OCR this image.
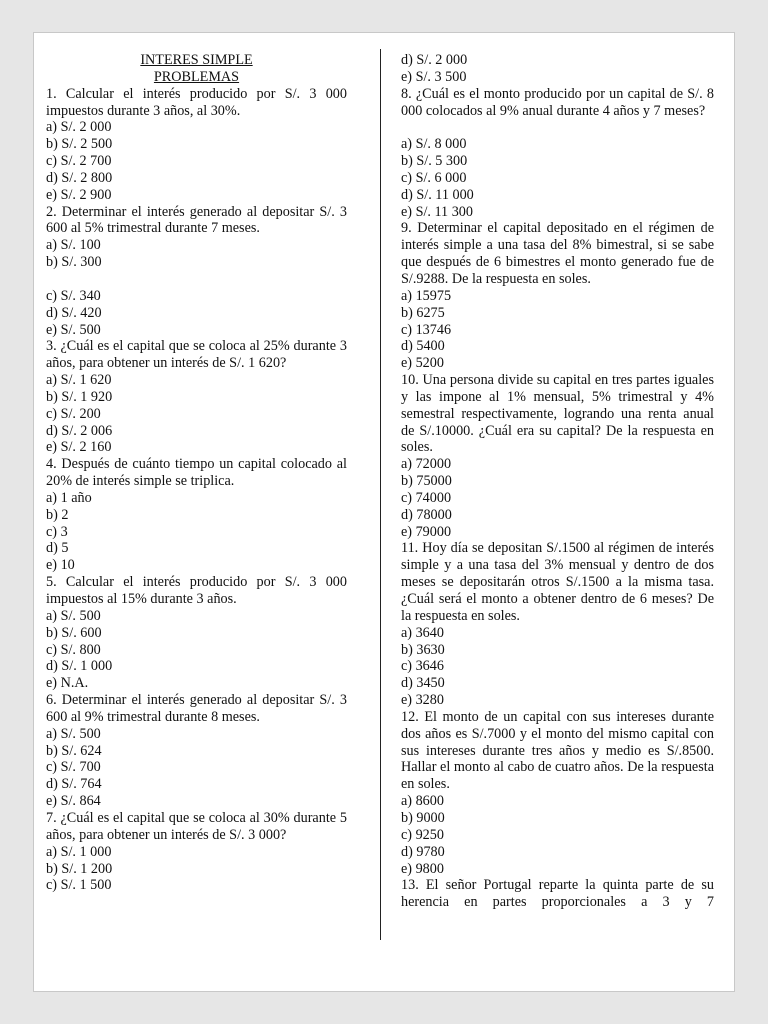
INTERES SIMPLE
PROBLEMAS
1. Calcular el interés producido por S/. 3 000 impuestos durante 3 años, al 30%.
a) S/. 2 000
b) S/. 2 500
c) S/. 2 700
d) S/. 2 800
e) S/. 2 900
2. Determinar el interés generado al depositar S/. 3 600 al 5% trimestral durante 7 meses.
a) S/. 100
b) S/. 300
c) S/. 340
d) S/. 420
e) S/. 500
3. ¿Cuál es el capital que se coloca al 25% durante 3 años, para obtener un interés de S/. 1 620?
a) S/. 1 620
b) S/. 1 920
c) S/. 200
d) S/. 2 006
e) S/. 2 160
4. Después de cuánto tiempo un capital colocado al 20% de interés simple se triplica.
a) 1 año
b) 2
c) 3
d) 5
e) 10
5. Calcular el interés producido por S/. 3 000 impuestos al 15% durante 3 años.
a) S/. 500
b) S/. 600
c) S/. 800
d) S/. 1 000
e) N.A.
6. Determinar el interés generado al depositar S/. 3 600 al 9% trimestral durante 8 meses.
a) S/. 500
b) S/. 624
c) S/. 700
d) S/. 764
e) S/. 864
7. ¿Cuál es el capital que se coloca al 30% durante 5 años, para obtener un interés de S/. 3 000?
a) S/. 1 000
b) S/. 1 200
c) S/. 1 500
d) S/. 2 000
e) S/. 3 500
8. ¿Cuál es el monto producido por un capital de S/. 8 000 colocados al 9% anual durante 4 años y 7 meses?
a) S/. 8 000
b) S/. 5 300
c) S/. 6 000
d) S/. 11 000
e) S/. 11 300
9. Determinar el capital depositado en el régimen de interés simple a una tasa del 8% bimestral, si se sabe que después de 6 bimestres el monto generado fue de S/.9288. De la respuesta en soles.
a) 15975
b) 6275
c) 13746
d) 5400
e) 5200
10. Una persona divide su capital en tres partes iguales y las impone al 1% mensual, 5% trimestral y 4% semestral respectivamente, logrando una renta anual de S/.10000. ¿Cuál era su capital? De la respuesta en soles.
a) 72000
b) 75000
c) 74000
d) 78000
e) 79000
11. Hoy día se depositan S/.1500 al régimen de interés simple y a una tasa del 3% mensual y dentro de dos meses se depositarán otros S/.1500 a la misma tasa. ¿Cuál será el monto a obtener dentro de 6 meses? De la respuesta en soles.
a) 3640
b) 3630
c) 3646
d) 3450
e) 3280
12. El monto de un capital con sus intereses durante dos años es S/.7000 y el monto del mismo capital con sus intereses durante tres años y medio es S/.8500. Hallar el monto al cabo de cuatro años. De la respuesta en soles.
a) 8600
b) 9000
c) 9250
d) 9780
e) 9800
13. El señor Portugal reparte la quinta parte de su herencia en partes proporcionales a 3 y 7
